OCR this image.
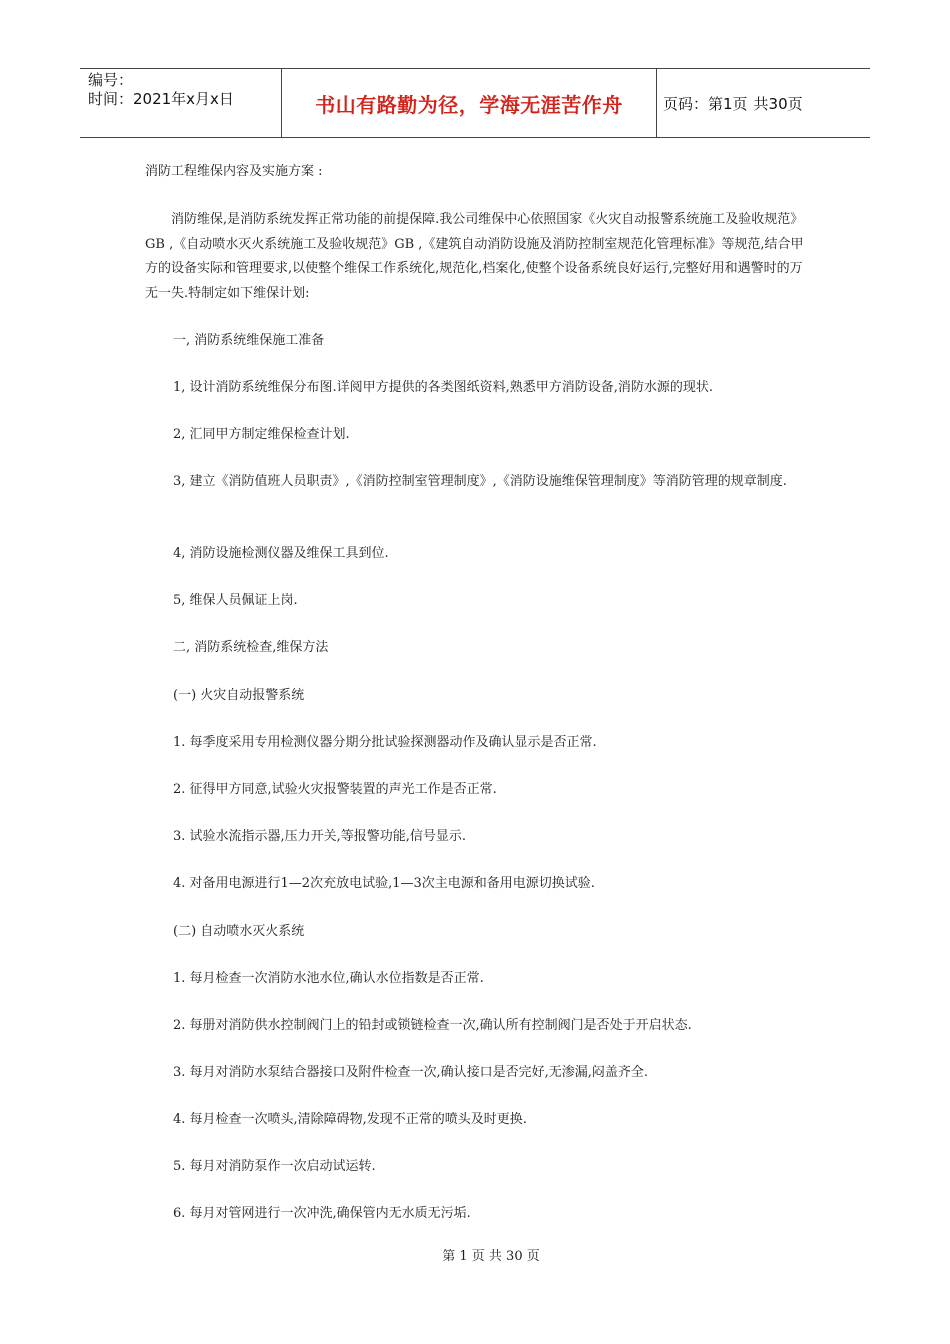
编号：
时间：2021年x月x日	书山有路勤为径，学海无涯苦作舟	页码：第1页 共30页

消防工程维保内容及实施方案 :

消防维保,是消防系统发挥正常功能的前提保障.我公司维保中心依照国家《火灾自动报警系统施工及验收规范》GB ,《自动喷水灭火系统施工及验收规范》GB ,《建筑自动消防设施及消防控制室规范化管理标准》等规范,结合甲方的设备实际和管理要求,以使整个维保工作系统化,规范化,档案化,使整个设备系统良好运行,完整好用和遇警时的万无一失.特制定如下维保计划:

一, 消防系统维保施工准备

1, 设计消防系统维保分布图.详阅甲方提供的各类图纸资料,熟悉甲方消防设备,消防水源的现状.

2, 汇同甲方制定维保检查计划.

3, 建立《消防值班人员职责》,《消防控制室管理制度》,《消防设施维保管理制度》等消防管理的规章制度.

4, 消防设施检测仪器及维保工具到位.

5, 维保人员佩证上岗.

二, 消防系统检查,维保方法

(一) 火灾自动报警系统

1. 每季度采用专用检测仪器分期分批试验探测器动作及确认显示是否正常.

2. 征得甲方同意,试验火灾报警装置的声光工作是否正常.

3. 试验水流指示器,压力开关,等报警功能,信号显示.

4. 对备用电源进行1—2次充放电试验,1—3次主电源和备用电源切换试验.

(二) 自动喷水灭火系统

1. 每月检查一次消防水池水位,确认水位指数是否正常.

2. 每册对消防供水控制阀门上的铅封或锁链检查一次,确认所有控制阀门是否处于开启状态.

3. 每月对消防水泵结合器接口及附件检查一次,确认接口是否完好,无渗漏,闷盖齐全.

4. 每月检查一次喷头,清除障碍物,发现不正常的喷头及时更换.

5. 每月对消防泵作一次启动试运转.

6. 每月对管网进行一次冲洗,确保管内无水质无污垢.

第 1 页 共 30 页
